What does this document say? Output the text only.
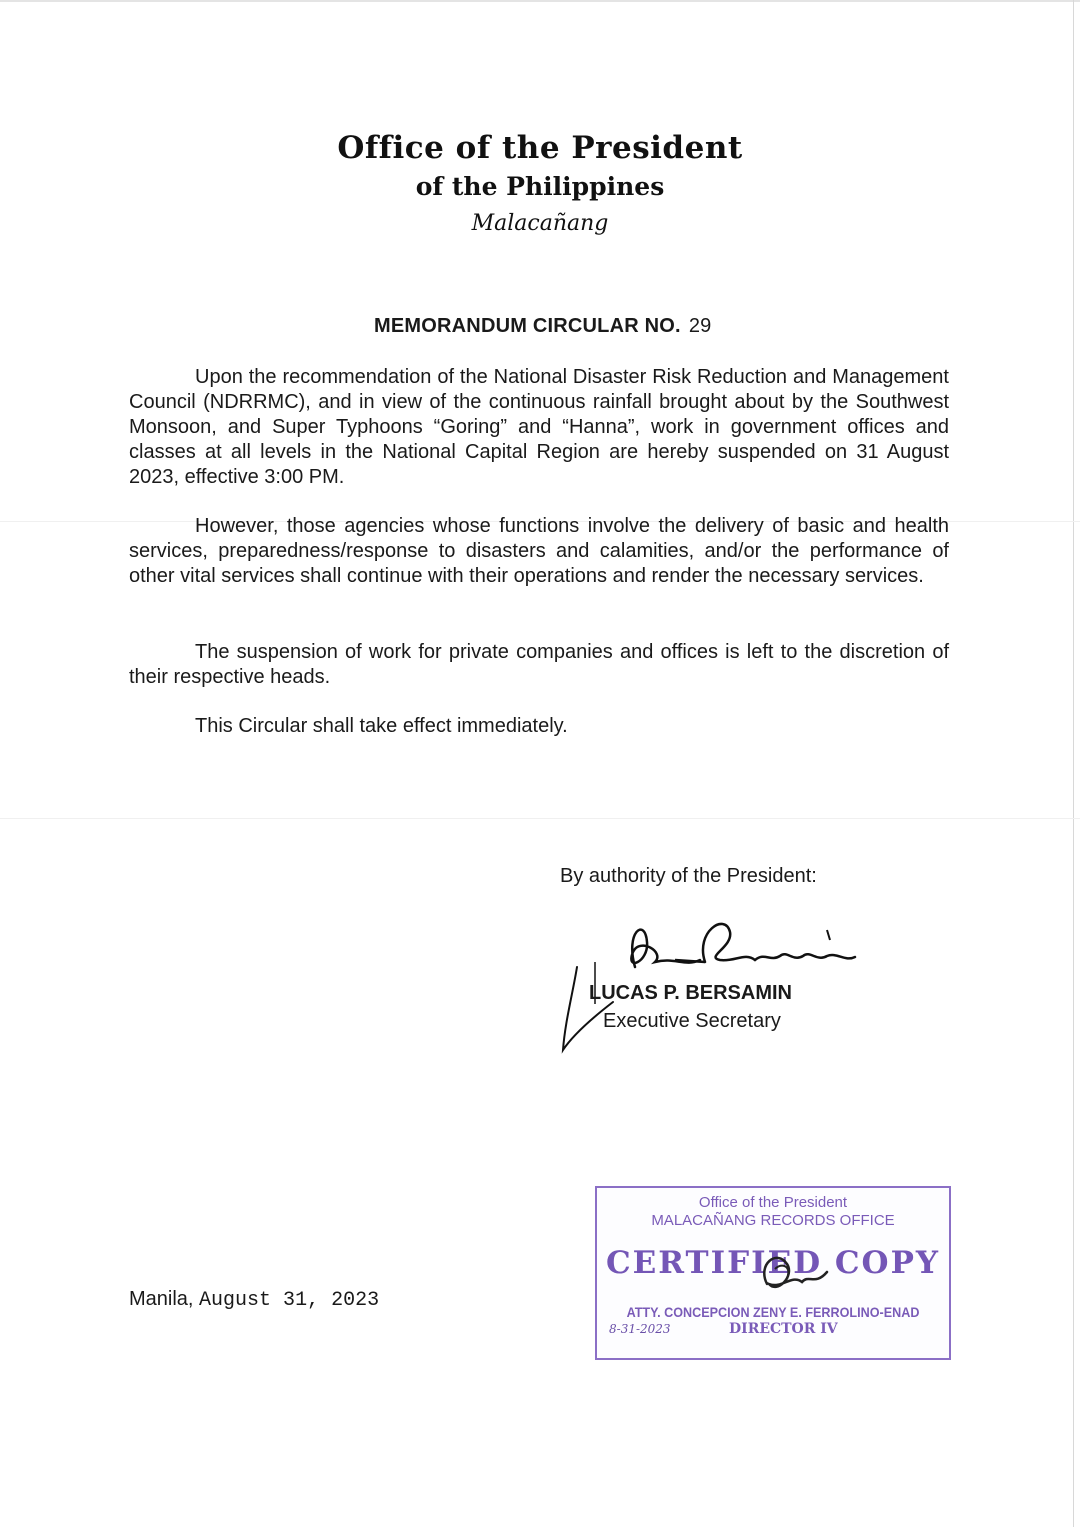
Office of the President
of the Philippines
Malacañang
MEMORANDUM CIRCULAR NO. 29
Upon the recommendation of the National Disaster Risk Reduction and Management Council (NDRRMC), and in view of the continuous rainfall brought about by the Southwest Monsoon, and Super Typhoons “Goring” and “Hanna”, work in government offices and classes at all levels in the National Capital Region are hereby suspended on 31 August 2023, effective 3:00 PM.
However, those agencies whose functions involve the delivery of basic and health services, preparedness/response to disasters and calamities, and/or the performance of other vital services shall continue with their operations and render the necessary services.
The suspension of work for private companies and offices is left to the discretion of their respective heads.
This Circular shall take effect immediately.
By authority of the President:
LUCAS P. BERSAMIN
Executive Secretary
Manila, August 31, 2023
Office of the President
MALACAÑANG RECORDS OFFICE
CERTIFIED COPY
ATTY. CONCEPCION ZENY E. FERROLINO-ENAD
8-31-2023	DIRECTOR IV
